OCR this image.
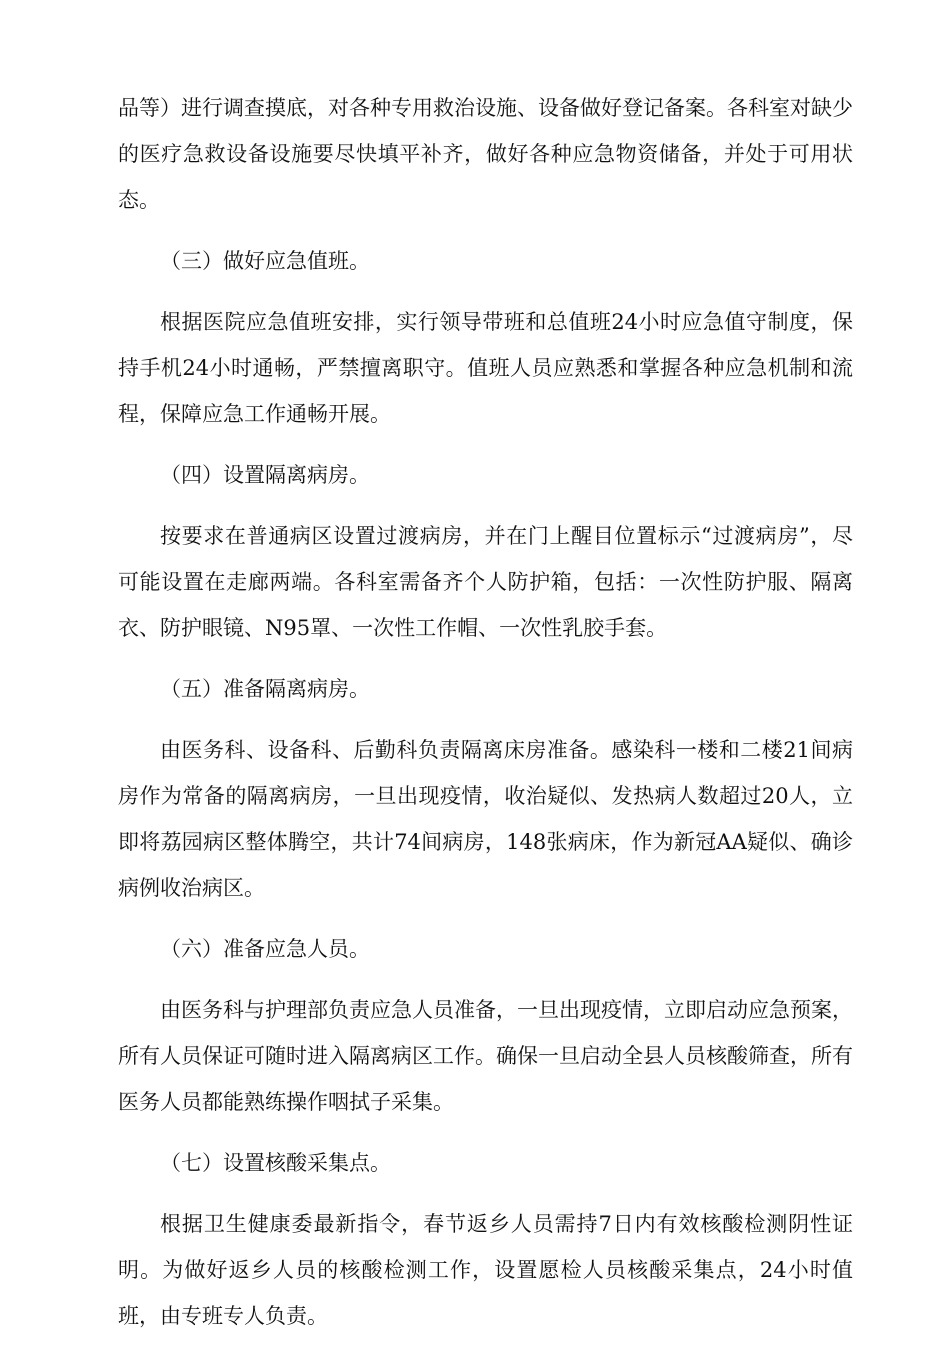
品等）进行调查摸底，对各种专用救治设施、设备做好登记备案。各科室对缺少的医疗急救设备设施要尽快填平补齐，做好各种应急物资储备，并处于可用状态。

（三）做好应急值班。

根据医院应急值班安排，实行领导带班和总值班24小时应急值守制度，保持手机24小时通畅，严禁擅离职守。值班人员应熟悉和掌握各种应急机制和流程，保障应急工作通畅开展。

（四）设置隔离病房。

按要求在普通病区设置过渡病房，并在门上醒目位置标示“过渡病房”，尽可能设置在走廊两端。各科室需备齐个人防护箱，包括：一次性防护服、隔离衣、防护眼镜、N95罩、一次性工作帽、一次性乳胶手套。

（五）准备隔离病房。

由医务科、设备科、后勤科负责隔离床房准备。感染科一楼和二楼21间病房作为常备的隔离病房，一旦出现疫情，收治疑似、发热病人数超过20人，立即将荔园病区整体腾空，共计74间病房，148张病床，作为新冠AA疑似、确诊病例收治病区。

（六）准备应急人员。

由医务科与护理部负责应急人员准备，一旦出现疫情，立即启动应急预案，所有人员保证可随时进入隔离病区工作。确保一旦启动全县人员核酸筛查，所有医务人员都能熟练操作咽拭子采集。

（七）设置核酸采集点。

根据卫生健康委最新指令，春节返乡人员需持7日内有效核酸检测阴性证明。为做好返乡人员的核酸检测工作，设置愿检人员核酸采集点，24小时值班，由专班专人负责。
